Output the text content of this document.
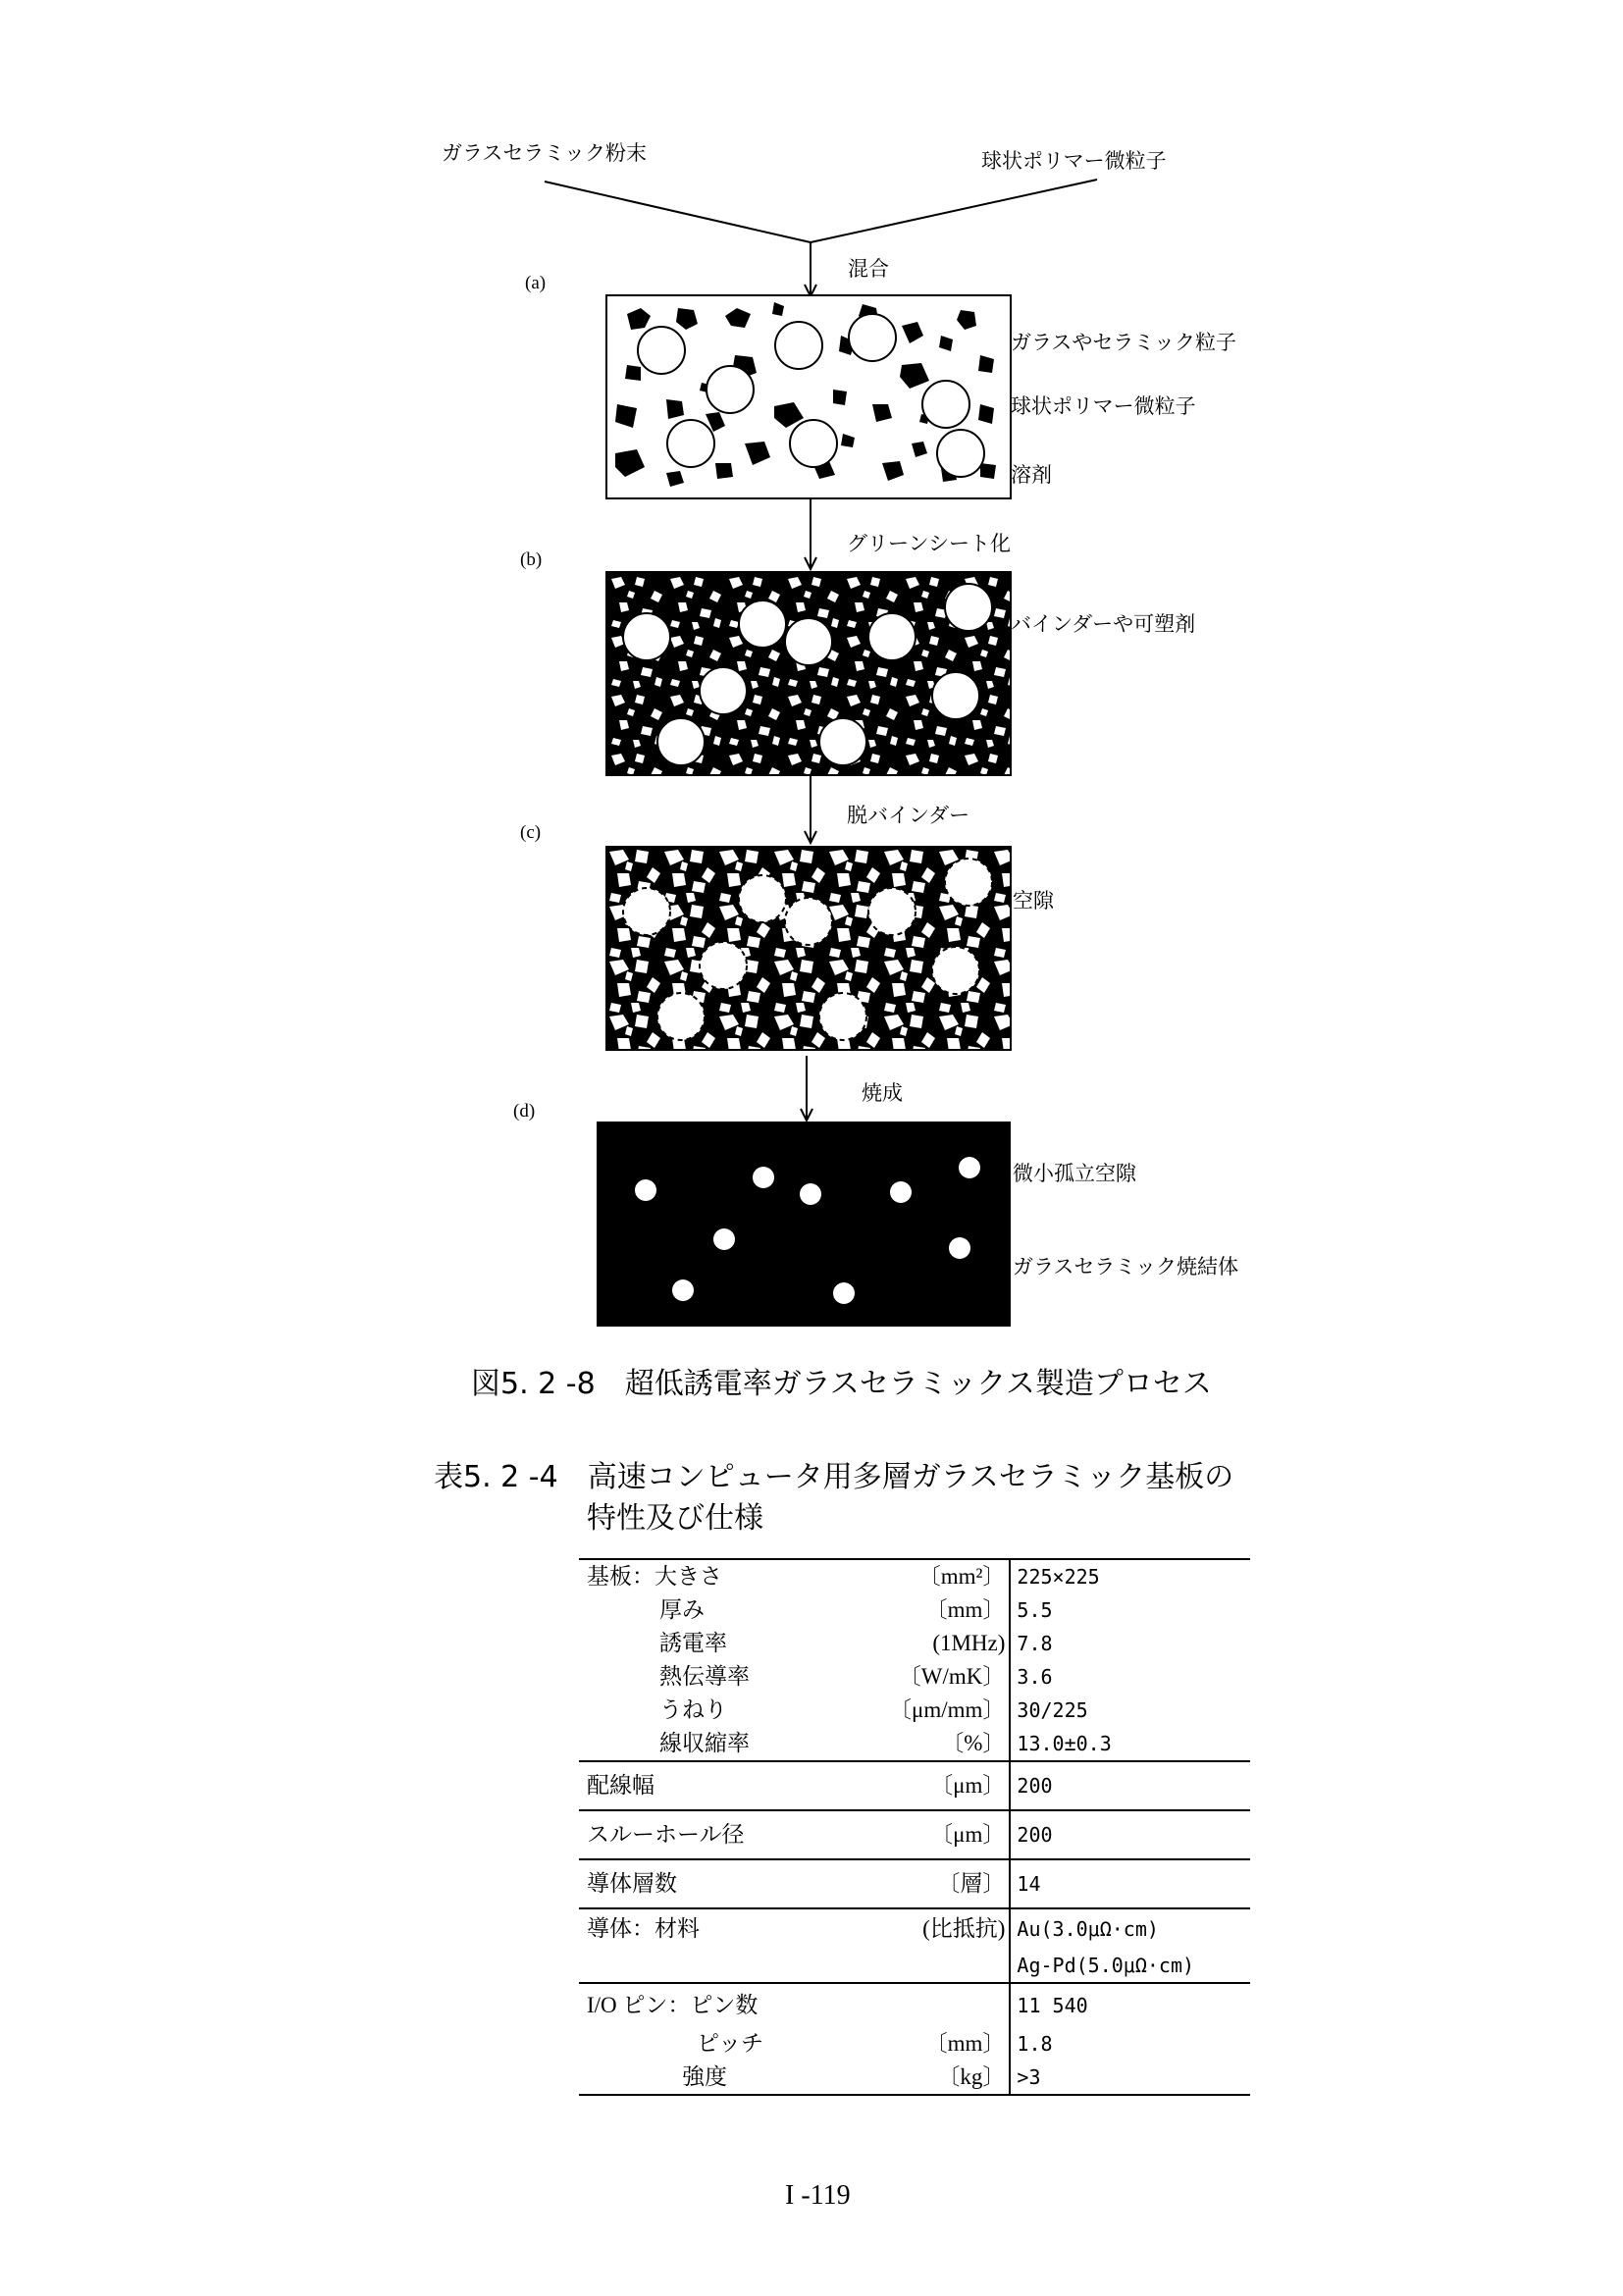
ガラスセラミック粉末	球状ポリマー微粒子
(a)
混合
(b)
グリーンシート化
(c)
脱バインダー
(d)
焼成
ガラスやセラミック粒子
球状ポリマー微粒子
溶剤
バインダーや可塑剤
空隙
微小孤立空隙
ガラスセラミック焼結体
図5. 2 -8　超低誘電率ガラスセラミックス製造プロセス
表5. 2 -4　高速コンピュータ用多層ガラスセラミック基板の
特性及び仕様
基板：大きさ	〔mm²〕	225×225
厚み	〔mm〕	5.5
誘電率	(1MHz)	7.8
熱伝導率	〔W/mK〕	3.6
うねり	〔μm/mm〕	30/225
線収縮率	〔%〕	13.0±0.3
配線幅	〔μm〕	200
スルーホール径	〔μm〕	200
導体層数	〔層〕	14
導体：材料	(比抵抗)	Au(3.0μΩ·cm)
		Ag-Pd(5.0μΩ·cm)
I/O ピン：ピン数		11 540
ピッチ	〔mm〕	1.8
強度	〔kg〕	>3
I -119
